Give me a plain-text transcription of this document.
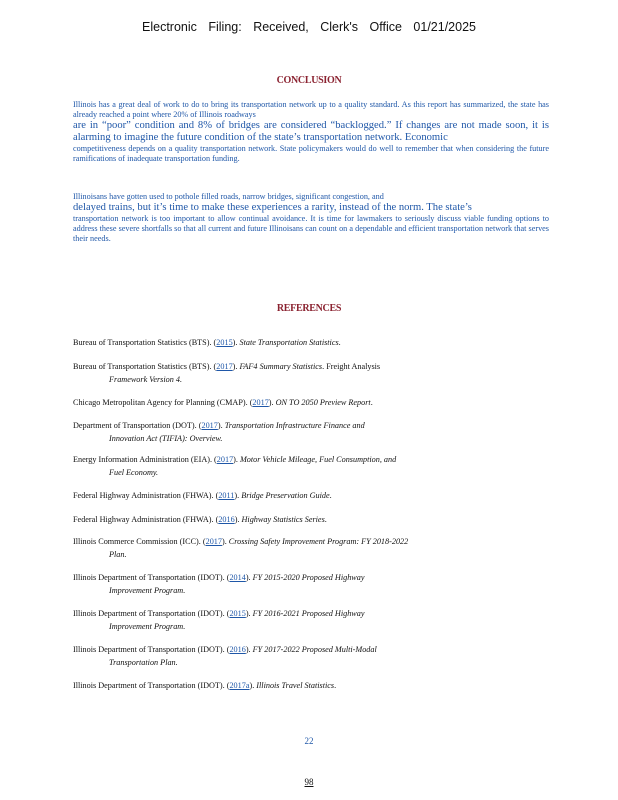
Electronic Filing: Received, Clerk's Office 01/21/2025
CONCLUSION

Illinois has a great deal of work to do to bring its transportation network up to a quality standard. As this report has summarized, the state has already reached a point where 20% of Illinois roadways

are in “poor” condition and 8% of bridges are considered “backlogged.” If changes are not made soon, it is alarming to imagine the future condition of the state’s transportation network. Economic

competitiveness depends on a quality transportation network. State policymakers would do well to remember that when considering the future ramifications of inadequate transportation funding.

Illinoisans have gotten used to pothole filled roads, narrow bridges, significant congestion, and

delayed trains, but it’s time to make these experiences a rarity, instead of the norm. The state’s

transportation network is too important to allow continual avoidance. It is time for lawmakers to seriously discuss viable funding options to address these severe shortfalls so that all current and future Illinoisans can count on a dependable and efficient transportation network that serves their needs.

REFERENCES
Bureau of Transportation Statistics (BTS). (2015). State Transportation Statistics.
Bureau of Transportation Statistics (BTS). (2017). FAF4 Summary Statistics. Freight Analysis
Framework Version 4.
Chicago Metropolitan Agency for Planning (CMAP). (2017). ON TO 2050 Preview Report.
Department of Transportation (DOT). (2017). Transportation Infrastructure Finance and
Innovation Act (TIFIA): Overview.
Energy Information Administration (EIA). (2017). Motor Vehicle Mileage, Fuel Consumption, and
Fuel Economy.
Federal Highway Administration (FHWA). (2011). Bridge Preservation Guide.
Federal Highway Administration (FHWA). (2016). Highway Statistics Series.
Illinois Commerce Commission (ICC). (2017). Crossing Safety Improvement Program: FY 2018-2022
Plan.
Illinois Department of Transportation (IDOT). (2014). FY 2015-2020 Proposed Highway
Improvement Program.
Illinois Department of Transportation (IDOT). (2015). FY 2016-2021 Proposed Highway
Improvement Program.
Illinois Department of Transportation (IDOT). (2016). FY 2017-2022 Proposed Multi-Modal
Transportation Plan.
Illinois Department of Transportation (IDOT). (2017a). Illinois Travel Statistics.
22
98
